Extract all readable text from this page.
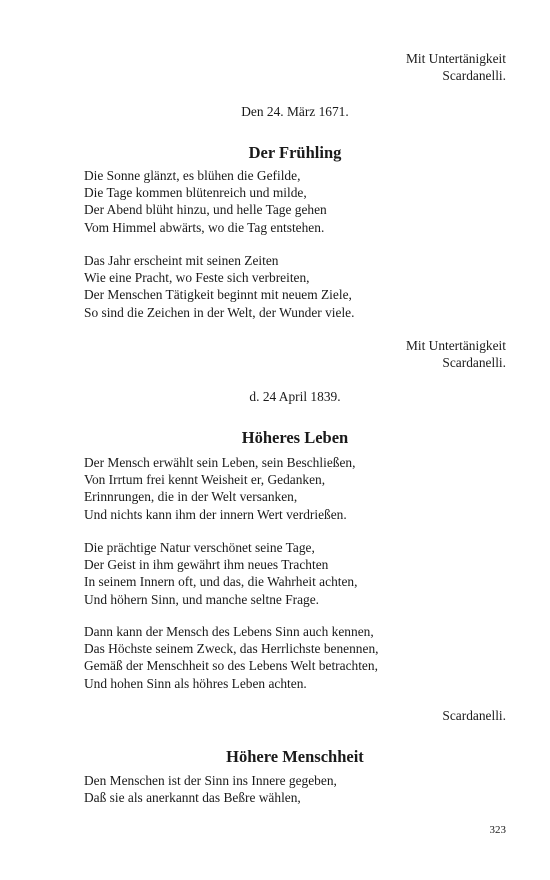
Mit Untertänigkeit
Scardanelli.
Den 24. März 1671.
Der Frühling
Die Sonne glänzt, es blühen die Gefilde,
Die Tage kommen blütenreich und milde,
Der Abend blüht hinzu, und helle Tage gehen
Vom Himmel abwärts, wo die Tag entstehen.
Das Jahr erscheint mit seinen Zeiten
Wie eine Pracht, wo Feste sich verbreiten,
Der Menschen Tätigkeit beginnt mit neuem Ziele,
So sind die Zeichen in der Welt, der Wunder viele.
Mit Untertänigkeit
Scardanelli.
d. 24 April 1839.
Höheres Leben
Der Mensch erwählt sein Leben, sein Beschließen,
Von Irrtum frei kennt Weisheit er, Gedanken,
Erinnrungen, die in der Welt versanken,
Und nichts kann ihm der innern Wert verdrießen.
Die prächtige Natur verschönet seine Tage,
Der Geist in ihm gewährt ihm neues Trachten
In seinem Innern oft, und das, die Wahrheit achten,
Und höhern Sinn, und manche seltne Frage.
Dann kann der Mensch des Lebens Sinn auch kennen,
Das Höchste seinem Zweck, das Herrlichste benennen,
Gemäß der Menschheit so des Lebens Welt betrachten,
Und hohen Sinn als höhres Leben achten.
Scardanelli.
Höhere Menschheit
Den Menschen ist der Sinn ins Innere gegeben,
Daß sie als anerkannt das Beßre wählen,
323
